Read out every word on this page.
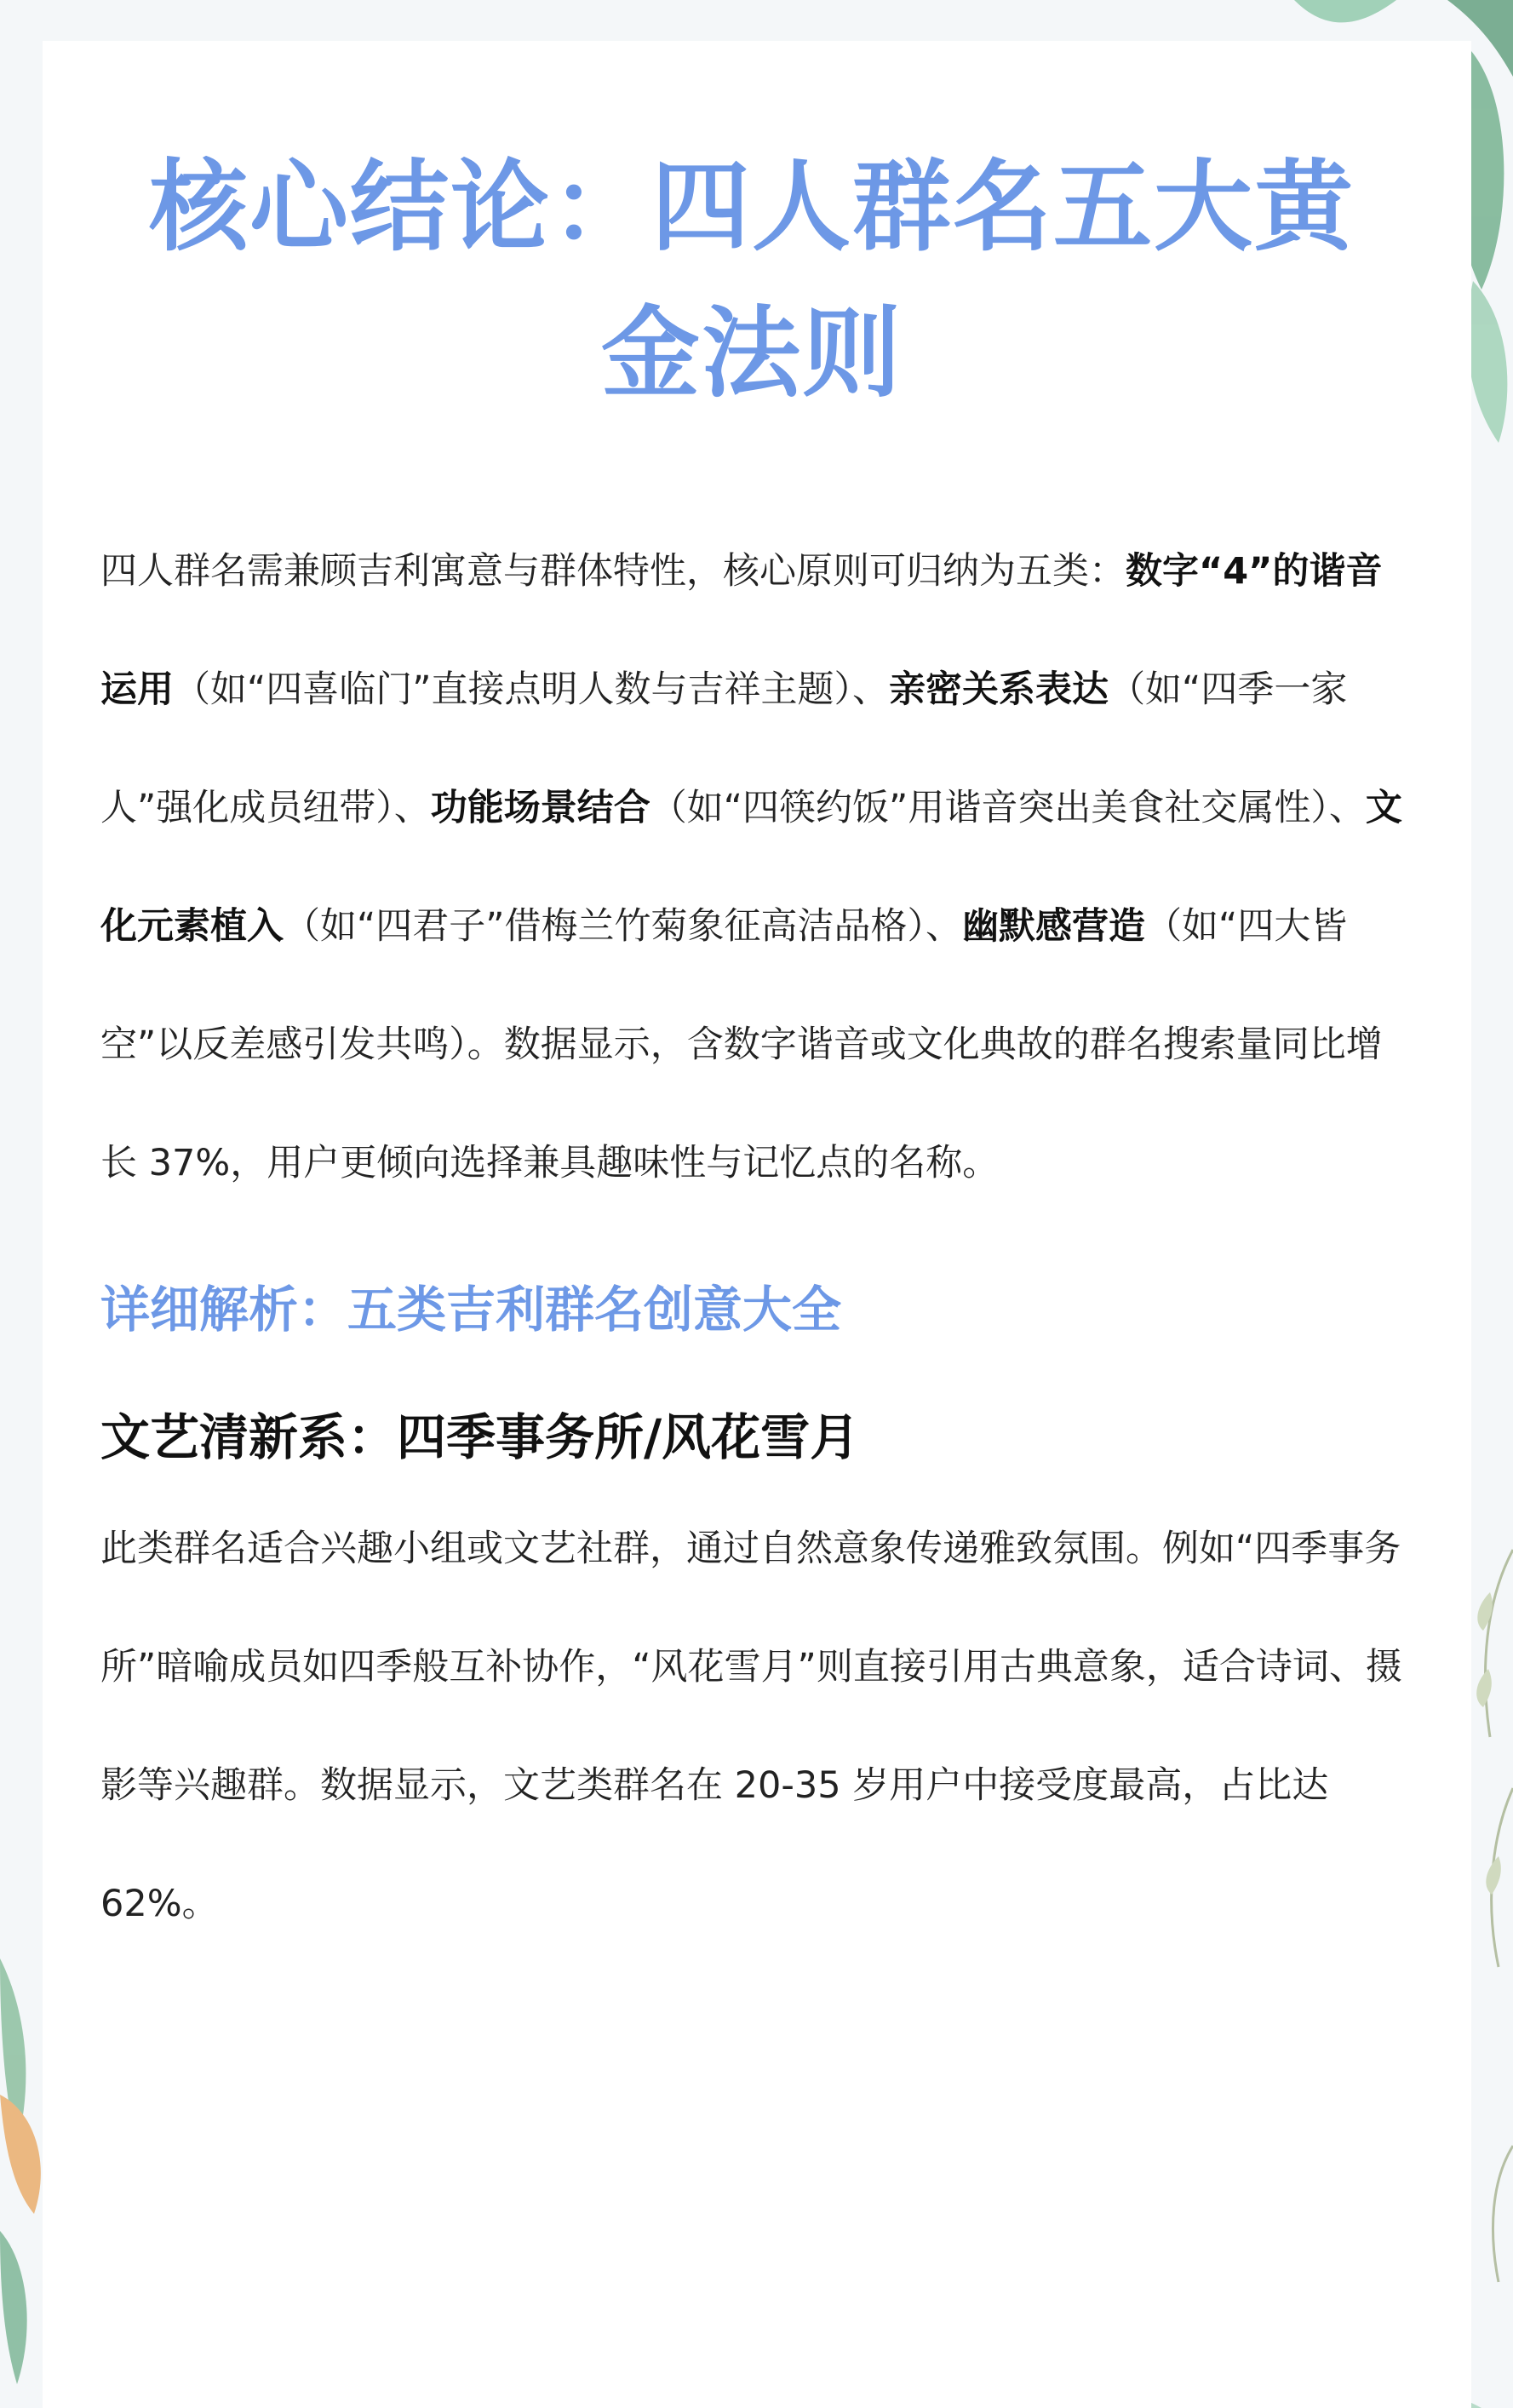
核心结论：四人群名五大黄金法则

四人群名需兼顾吉利寓意与群体特性，核心原则可归纳为五类：数字“4”的谐音运用（如“四喜临门”直接点明人数与吉祥主题）、亲密关系表达（如“四季一家人”强化成员纽带）、功能场景结合（如“四筷约饭”用谐音突出美食社交属性）、文化元素植入（如“四君子”借梅兰竹菊象征高洁品格）、幽默感营造（如“四大皆空”以反差感引发共鸣）。数据显示，含数字谐音或文化典故的群名搜索量同比增长 37%，用户更倾向选择兼具趣味性与记忆点的名称。

详细解析：五类吉利群名创意大全
文艺清新系：四季事务所/风花雪月

此类群名适合兴趣小组或文艺社群，通过自然意象传递雅致氛围。例如“四季事务所”暗喻成员如四季般互补协作，“风花雪月”则直接引用古典意象，适合诗词、摄影等兴趣群。数据显示，文艺类群名在 20-35 岁用户中接受度最高，占比达 62%。
